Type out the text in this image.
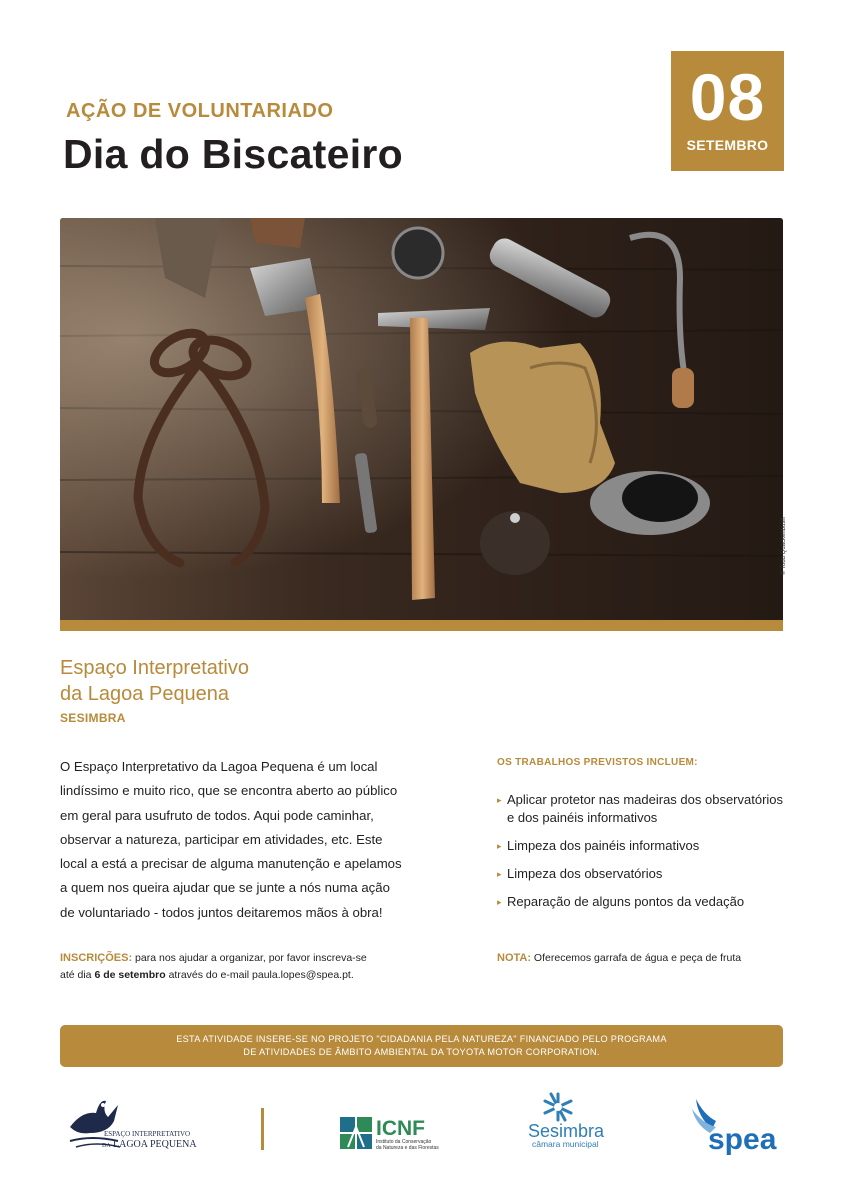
AÇÃO DE VOLUNTARIADO
Dia do Biscateiro
08
SETEMBRO
© Todd Quackenbush
Espaço Interpretativo
da Lagoa Pequena
SESIMBRA
O Espaço Interpretativo da Lagoa Pequena é um local
lindíssimo e muito rico, que se encontra aberto ao público
em geral para usufruto de todos. Aqui pode caminhar,
observar a natureza, participar em atividades, etc. Este
local a está a precisar de alguma manutenção e apelamos
a quem nos queira ajudar que se junte a nós numa ação
de voluntariado - todos juntos deitaremos mãos à obra!
OS TRABALHOS PREVISTOS INCLUEM:
▸ Aplicar protetor nas madeiras dos observatórios e dos painéis informativos
▸ Limpeza dos painéis informativos
▸ Limpeza dos observatórios
▸ Reparação de alguns pontos da vedação
INSCRIÇÕES: para nos ajudar a organizar, por favor inscreva-se
até dia 6 de setembro através do e-mail paula.lopes@spea.pt.
NOTA: Oferecemos garrafa de água e peça de fruta
ESTA ATIVIDADE INSERE-SE NO PROJETO "CIDADANIA PELA NATUREZA" FINANCIADO PELO PROGRAMA
DE ATIVIDADES DE ÂMBITO AMBIENTAL DA TOYOTA MOTOR CORPORATION.
ESPAÇO INTERPRETATIVO
DA LAGOA PEQUENA
ICNF
Instituto da Conservação
da Natureza e das Florestas
Sesimbra
câmara municipal	spea
